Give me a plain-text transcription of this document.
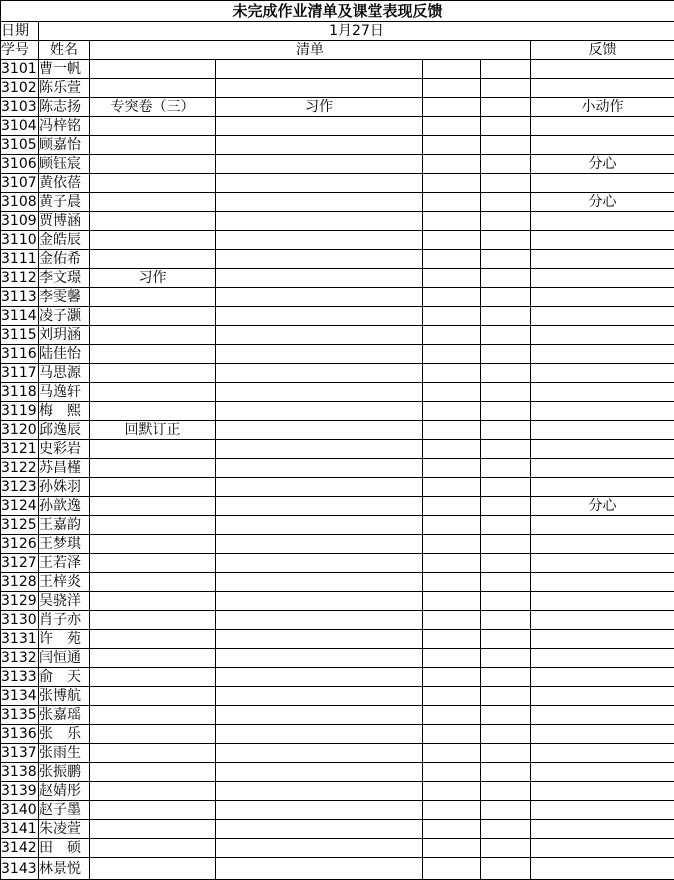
未完成作业清单及课堂表现反馈						
日期	1月27日					
学号	姓名	清单				反馈
3101	曹一帆					
3102	陈乐萱					
3103	陈志扬	专突卷（三）	习作			小动作
3104	冯梓铭					
3105	顾嘉怡					
3106	顾钰宸					分心
3107	黄依蓓					
3108	黄子晨					分心
3109	贾博涵					
3110	金皓辰					
3111	金佑希					
3112	李文璟	习作				
3113	李雯馨					
3114	凌子灏					
3115	刘玥涵					
3116	陆佳怡					
3117	马思源					
3118	马逸轩					
3119	梅　熙					
3120	邱逸辰	回默订正				
3121	史彩岩					
3122	苏昌槿					
3123	孙姝羽					
3124	孙歆逸					分心
3125	王嘉韵					
3126	王梦琪					
3127	王若泽					
3128	王梓炎					
3129	吴骁洋					
3130	肖子亦					
3131	许　苑					
3132	闫恒通					
3133	俞　天					
3134	张博航					
3135	张嘉瑶					
3136	张　乐					
3137	张雨生					
3138	张振鹏					
3139	赵婧彤					
3140	赵子墨					
3141	朱凌萱					
3142	田　硕					
3143	林景悦					
